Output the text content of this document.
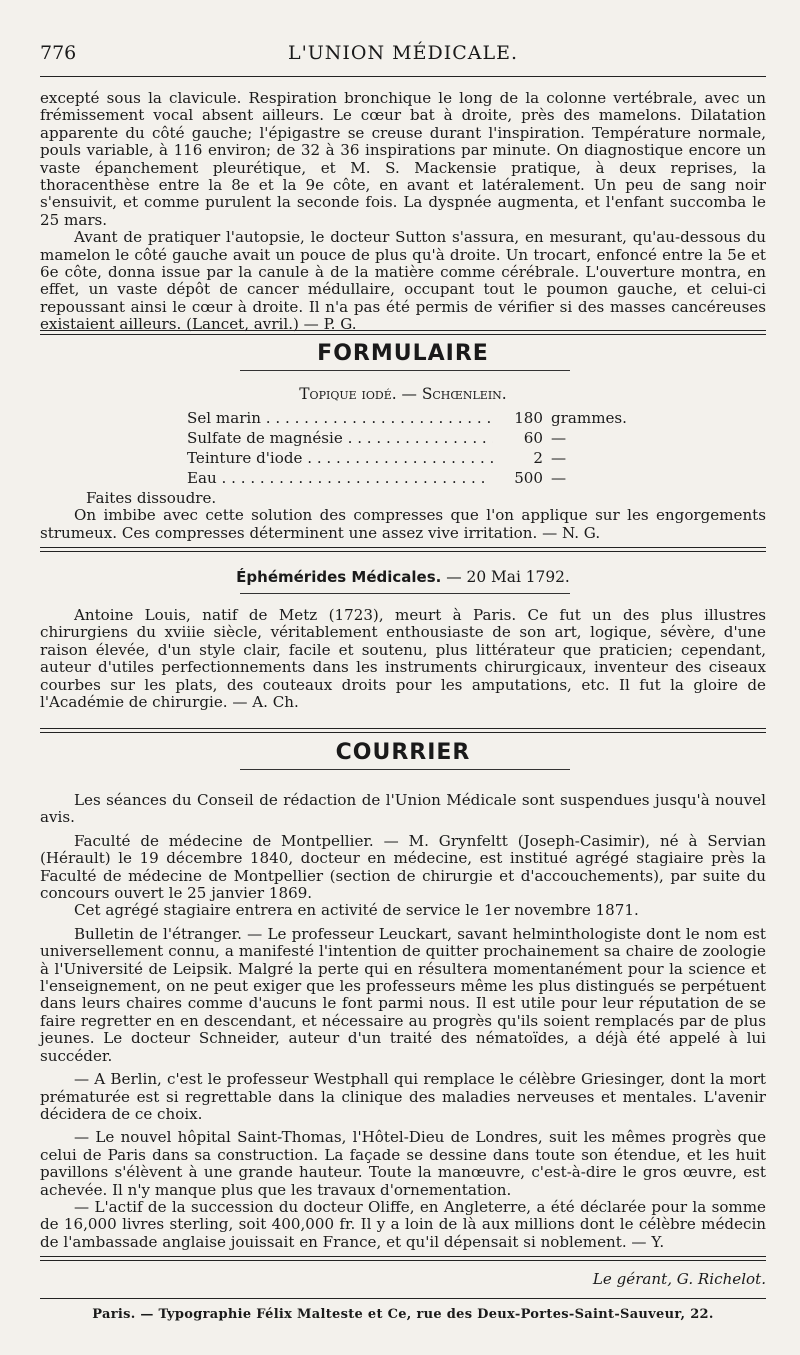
776	L'UNION MÉDICALE.

excepté sous la clavicule. Respiration bronchique le long de la colonne vertébrale, avec un frémissement vocal absent ailleurs. Le cœur bat à droite, près des mamelons. Dilatation apparente du côté gauche; l'épigastre se creuse durant l'inspiration. Température normale, pouls variable, à 116 environ; de 32 à 36 inspirations par minute. On diagnostique encore un vaste épanchement pleurétique, et M. S. Mackensie pratique, à deux reprises, la thoracenthèse entre la 8e et la 9e côte, en avant et latéralement. Un peu de sang noir s'ensuivit, et comme purulent la seconde fois. La dyspnée augmenta, et l'enfant succomba le 25 mars.

Avant de pratiquer l'autopsie, le docteur Sutton s'assura, en mesurant, qu'au-dessous du mamelon le côté gauche avait un pouce de plus qu'à droite. Un trocart, enfoncé entre la 5e et 6e côte, donna issue par la canule à de la matière comme cérébrale. L'ouverture montra, en effet, un vaste dépôt de cancer médullaire, occupant tout le poumon gauche, et celui-ci repoussant ainsi le cœur à droite. Il n'a pas été permis de vérifier si des masses cancéreuses existaient ailleurs. (Lancet, avril.) — P. G.

FORMULAIRE

Topique iodé. — Schœnlein.

Sel marin . . .	180 grammes.
Sulfate de magnésie . . .	60 —
Teinture d'iode . . .	2 —
Eau . . .	500 —

Faites dissoudre.

On imbibe avec cette solution des compresses que l'on applique sur les engorgements strumeux. Ces compresses déterminent une assez vive irritation. — N. G.

Éphémérides Médicales. — 20 Mai 1792.

Antoine Louis, natif de Metz (1723), meurt à Paris. Ce fut un des plus illustres chirurgiens du xviiie siècle, véritablement enthousiaste de son art, logique, sévère, d'une raison élevée, d'un style clair, facile et soutenu, plus littérateur que praticien; cependant, auteur d'utiles perfectionnements dans les instruments chirurgicaux, inventeur des ciseaux courbes sur les plats, des couteaux droits pour les amputations, etc. Il fut la gloire de l'Académie de chirurgie. — A. Ch.

COURRIER

Les séances du Conseil de rédaction de l'Union Médicale sont suspendues jusqu'à nouvel avis.

Faculté de médecine de Montpellier. — M. Grynfeltt (Joseph-Casimir), né à Servian (Hérault) le 19 décembre 1840, docteur en médecine, est institué agrégé stagiaire près la Faculté de médecine de Montpellier (section de chirurgie et d'accouchements), par suite du concours ouvert le 25 janvier 1869.

Cet agrégé stagiaire entrera en activité de service le 1er novembre 1871.

Bulletin de l'étranger. — Le professeur Leuckart, savant helminthologiste dont le nom est universellement connu, a manifesté l'intention de quitter prochainement sa chaire de zoologie à l'Université de Leipsik. Malgré la perte qui en résultera momentanément pour la science et l'enseignement, on ne peut exiger que les professeurs même les plus distingués se perpétuent dans leurs chaires comme d'aucuns le font parmi nous. Il est utile pour leur réputation de se faire regretter en en descendant, et nécessaire au progrès qu'ils soient remplacés par de plus jeunes. Le docteur Schneider, auteur d'un traité des nématoïdes, a déjà été appelé à lui succéder.

— A Berlin, c'est le professeur Westphall qui remplace le célèbre Griesinger, dont la mort prématurée est si regrettable dans la clinique des maladies nerveuses et mentales. L'avenir décidera de ce choix.

— Le nouvel hôpital Saint-Thomas, l'Hôtel-Dieu de Londres, suit les mêmes progrès que celui de Paris dans sa construction. La façade se dessine dans toute son étendue, et les huit pavillons s'élèvent à une grande hauteur. Toute la manœuvre, c'est-à-dire le gros œuvre, est achevée. Il n'y manque plus que les travaux d'ornementation.

— L'actif de la succession du docteur Oliffe, en Angleterre, a été déclarée pour la somme de 16,000 livres sterling, soit 400,000 fr. Il y a loin de là aux millions dont le célèbre médecin de l'ambassade anglaise jouissait en France, et qu'il dépensait si noblement. — Y.

Le gérant, G. Richelot.
Paris. — Typographie Félix Malteste et Ce, rue des Deux-Portes-Saint-Sauveur, 22.
